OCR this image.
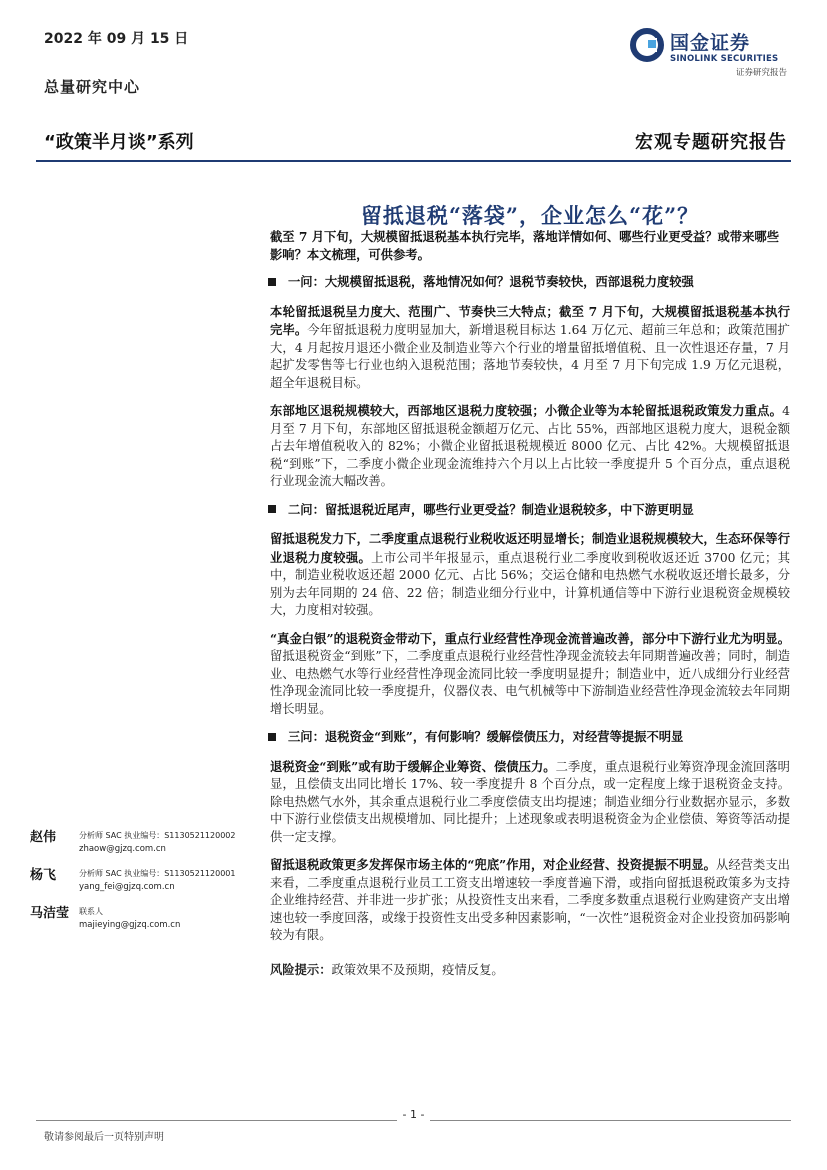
2022 年 09 月 15 日
总量研究中心
“政策半月谈”系列	宏观专题研究报告
国金证券
SINOLINK SECURITIES
证券研究报告
留抵退税“落袋”，企业怎么“花”？
截至 7 月下旬，大规模留抵退税基本执行完毕，落地详情如何、哪些行业更受益？或带来哪些影响？本文梳理，可供参考。
一问：大规模留抵退税，落地情况如何？退税节奏较快，西部退税力度较强
本轮留抵退税呈力度大、范围广、节奏快三大特点；截至 7 月下旬，大规模留抵退税基本执行完毕。今年留抵退税力度明显加大，新增退税目标达 1.64 万亿元、超前三年总和；政策范围扩大，4 月起按月退还小微企业及制造业等六个行业的增量留抵增值税、且一次性退还存量，7 月起扩发零售等七行业也纳入退税范围；落地节奏较快，4 月至 7 月下旬完成 1.9 万亿元退税，超全年退税目标。
东部地区退税规模较大，西部地区退税力度较强；小微企业等为本轮留抵退税政策发力重点。4 月至 7 月下旬，东部地区留抵退税金额超万亿元、占比 55%，西部地区退税力度大，退税金额占去年增值税收入的 82%；小微企业留抵退税规模近 8000 亿元、占比 42%。大规模留抵退税“到账”下，二季度小微企业现金流维持六个月以上占比较一季度提升 5 个百分点，重点退税行业现金流大幅改善。
二问：留抵退税近尾声，哪些行业更受益？制造业退税较多，中下游更明显
留抵退税发力下，二季度重点退税行业税收返还明显增长；制造业退税规模较大，生态环保等行业退税力度较强。上市公司半年报显示，重点退税行业二季度收到税收返还近 3700 亿元；其中，制造业税收返还超 2000 亿元、占比 56%；交运仓储和电热燃气水税收返还增长最多，分别为去年同期的 24 倍、22 倍；制造业细分行业中，计算机通信等中下游行业退税资金规模较大，力度相对较强。
“真金白银”的退税资金带动下，重点行业经营性净现金流普遍改善，部分中下游行业尤为明显。留抵退税资金“到账”下，二季度重点退税行业经营性净现金流较去年同期普遍改善；同时，制造业、电热燃气水等行业经营性净现金流同比较一季度明显提升；制造业中，近八成细分行业经营性净现金流同比较一季度提升，仪器仪表、电气机械等中下游制造业经营性净现金流较去年同期增长明显。
三问：退税资金“到账”，有何影响？缓解偿债压力，对经营等提振不明显
退税资金“到账”或有助于缓解企业筹资、偿债压力。二季度，重点退税行业筹资净现金流回落明显，且偿债支出同比增长 17%、较一季度提升 8 个百分点，或一定程度上缘于退税资金支持。除电热燃气水外，其余重点退税行业二季度偿债支出均提速；制造业细分行业数据亦显示，多数中下游行业偿债支出规模增加、同比提升；上述现象或表明退税资金为企业偿债、筹资等活动提供一定支撑。
留抵退税政策更多发挥保市场主体的“兜底”作用，对企业经营、投资提振不明显。从经营类支出来看，二季度重点退税行业员工工资支出增速较一季度普遍下滑，或指向留抵退税政策多为支持企业维持经营、并非进一步扩张；从投资性支出来看，二季度多数重点退税行业购建资产支出增速也较一季度回落，或缘于投资性支出受多种因素影响，“一次性”退税资金对企业投资加码影响较为有限。
风险提示：政策效果不及预期，疫情反复。
赵伟	分析师 SAC 执业编号：S1130521120002
zhaow@gjzq.com.cn
杨飞	分析师 SAC 执业编号：S1130521120001
yang_fei@gjzq.com.cn
马洁莹 联系人
majieying@gjzq.com.cn
- 1 -
敬请参阅最后一页特别声明
